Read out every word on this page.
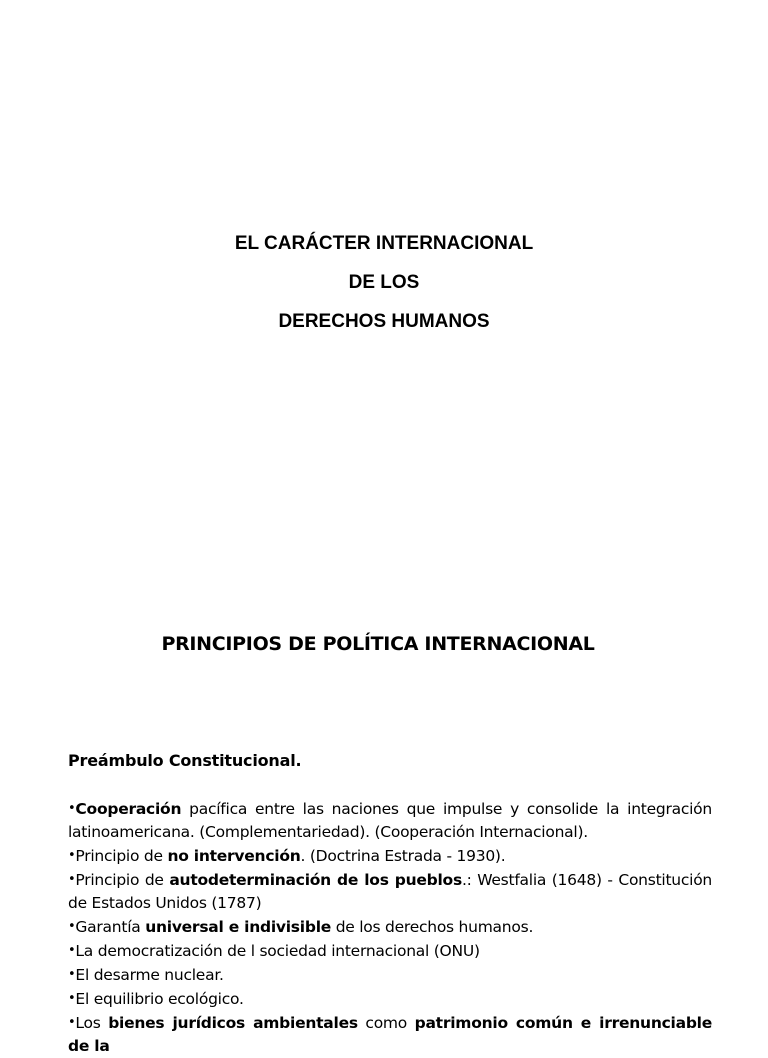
EL CARÁCTER INTERNACIONAL
DE LOS
DERECHOS HUMANOS
PRINCIPIOS DE POLÍTICA INTERNACIONAL
Preámbulo Constitucional.
•Cooperación pacífica entre las naciones que impulse y consolide la integración latinoamericana. (Complementariedad). (Cooperación Internacional).
•Principio de no intervención. (Doctrina Estrada - 1930).
•Principio de autodeterminación de los pueblos.: Westfalia (1648) - Constitución de Estados Unidos (1787)
•Garantía universal e indivisible de los derechos humanos.
•La democratización de l sociedad internacional (ONU)
•El desarme nuclear.
•El equilibrio ecológico.
•Los bienes jurídicos ambientales como patrimonio común e irrenunciable de la
